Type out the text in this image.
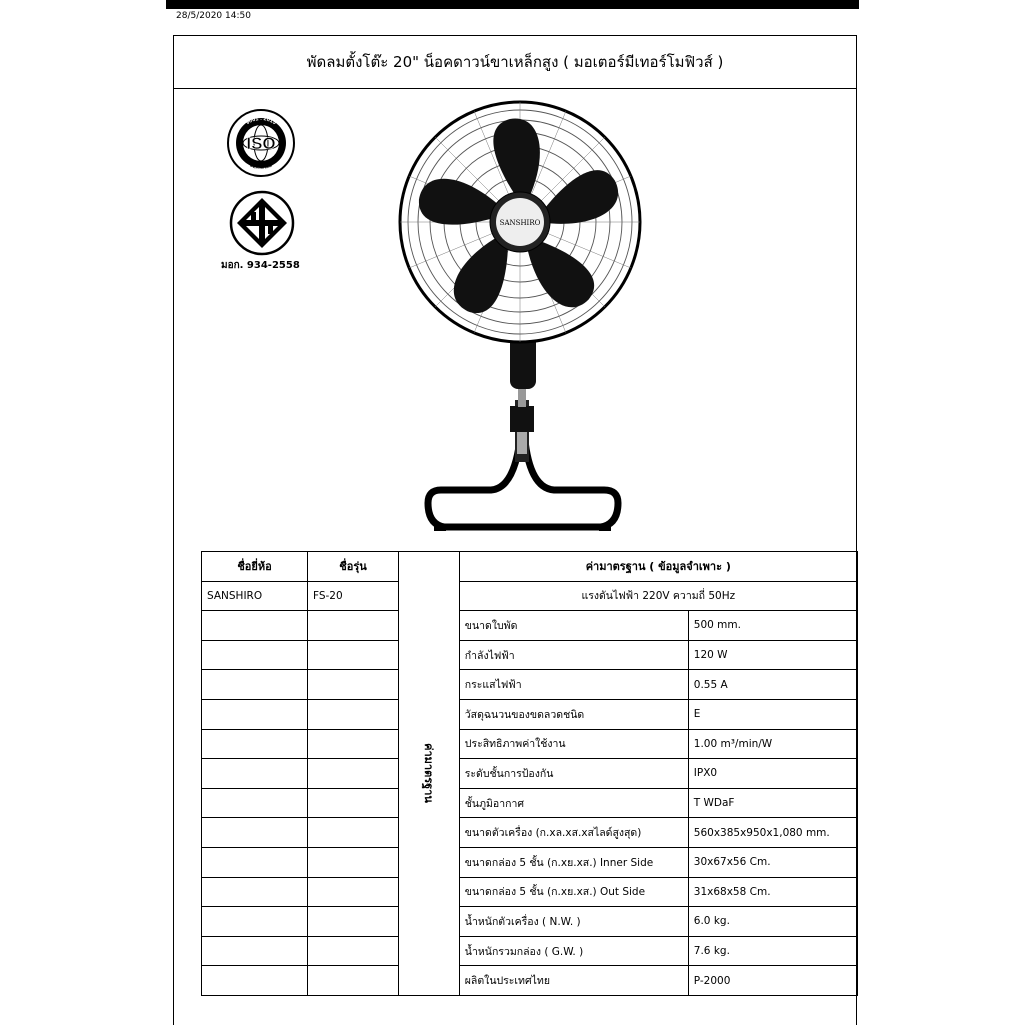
28/5/2020 14:50
พัดลมตั้งโต๊ะ 20" น็อคดาวน์ขาเหล็กสูง ( มอเตอร์มีเทอร์โมฟิวส์ )
ISO
9001 : 2015
CERTIFIED
มอก. 934-2558
SANSHIRO
ชื่อยี่ห้อ	ชื่อรุ่น	ค่ามาตรฐาน	ค่ามาตรฐาน ( ข้อมูลจำเพาะ )	
SANSHIRO	FS-20		แรงดันไฟฟ้า 220V ความถี่ 50Hz	
			ขนาดใบพัด	500 mm.
			กำลังไฟฟ้า	120 W
			กระแสไฟฟ้า	0.55 A
			วัสดุฉนวนของขดลวดชนิด	E
			ประสิทธิภาพค่าใช้งาน	1.00 m³/min/W
			ระดับชั้นการป้องกัน	IPX0
			ชั้นภูมิอากาศ	T WDaF
			ขนาดตัวเครื่อง (ก.xล.xส.xสไลด์สูงสุด)	560x385x950x1,080 mm.
			ขนาดกล่อง 5 ชั้น (ก.xย.xส.) Inner Side	30x67x56 Cm.
			ขนาดกล่อง 5 ชั้น (ก.xย.xส.) Out Side	31x68x58 Cm.
			น้ำหนักตัวเครื่อง ( N.W. )	6.0 kg.
			น้ำหนักรวมกล่อง ( G.W. )	7.6 kg.
			ผลิตในประเทศไทย	P-2000
